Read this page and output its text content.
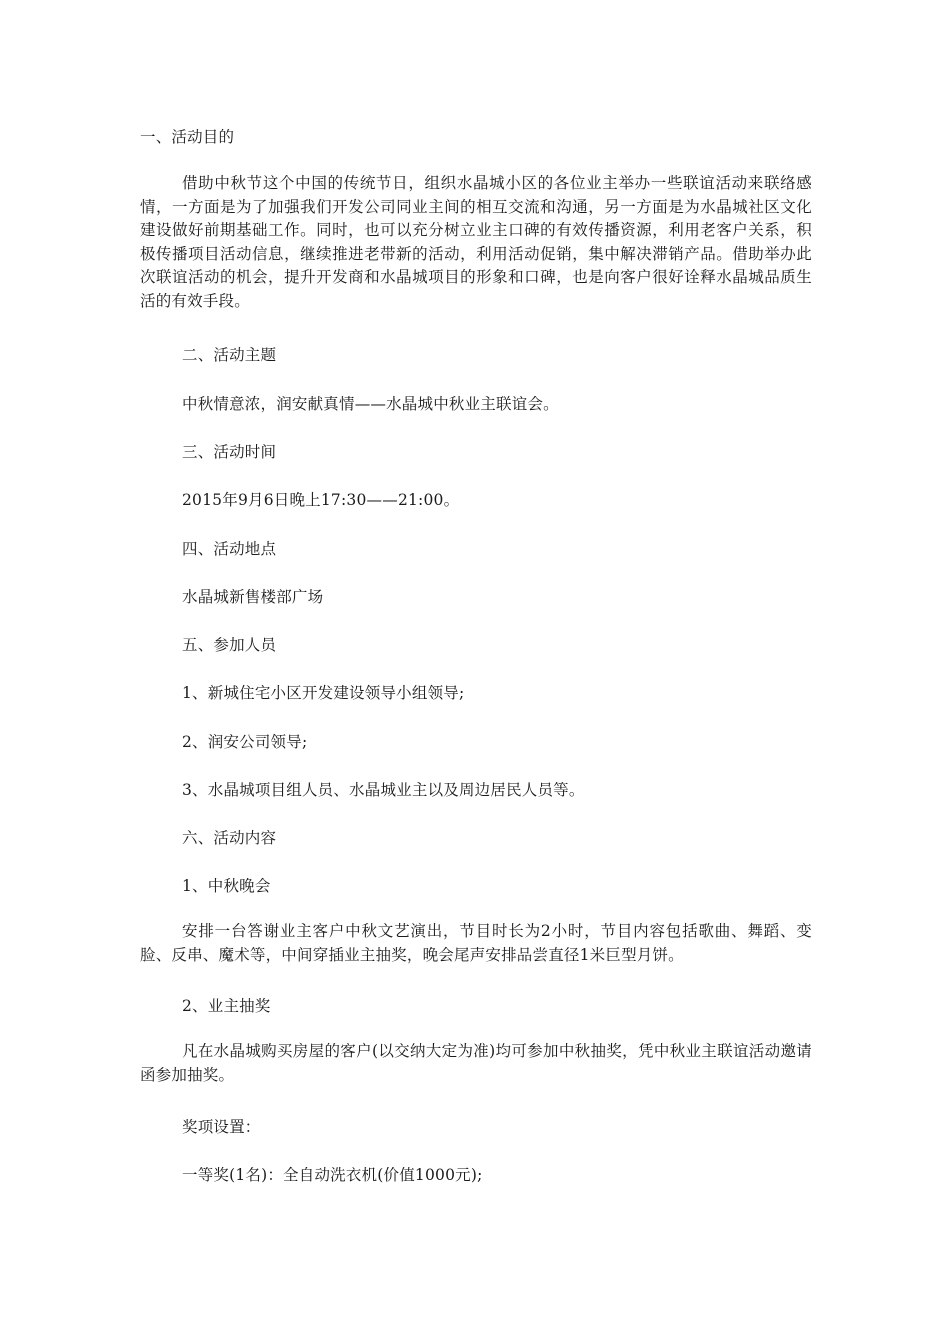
一、活动目的
借助中秋节这个中国的传统节日，组织水晶城小区的各位业主举办一些联谊活动来联络感情，一方面是为了加强我们开发公司同业主间的相互交流和沟通，另一方面是为水晶城社区文化建设做好前期基础工作。同时，也可以充分树立业主口碑的有效传播资源，利用老客户关系，积极传播项目活动信息，继续推进老带新的活动，利用活动促销，集中解决滞销产品。借助举办此次联谊活动的机会，提升开发商和水晶城项目的形象和口碑，也是向客户很好诠释水晶城品质生活的有效手段。
二、活动主题
中秋情意浓，润安献真情——水晶城中秋业主联谊会。
三、活动时间
2015年9月6日晚上17:30——21:00。
四、活动地点
水晶城新售楼部广场
五、参加人员
1、新城住宅小区开发建设领导小组领导;
2、润安公司领导;
3、水晶城项目组人员、水晶城业主以及周边居民人员等。
六、活动内容
1、中秋晚会
安排一台答谢业主客户中秋文艺演出，节目时长为2小时，节目内容包括歌曲、舞蹈、变脸、反串、魔术等，中间穿插业主抽奖，晚会尾声安排品尝直径1米巨型月饼。
2、业主抽奖
凡在水晶城购买房屋的客户(以交纳大定为准)均可参加中秋抽奖，凭中秋业主联谊活动邀请函参加抽奖。
奖项设置：
一等奖(1名)：全自动洗衣机(价值1000元);
